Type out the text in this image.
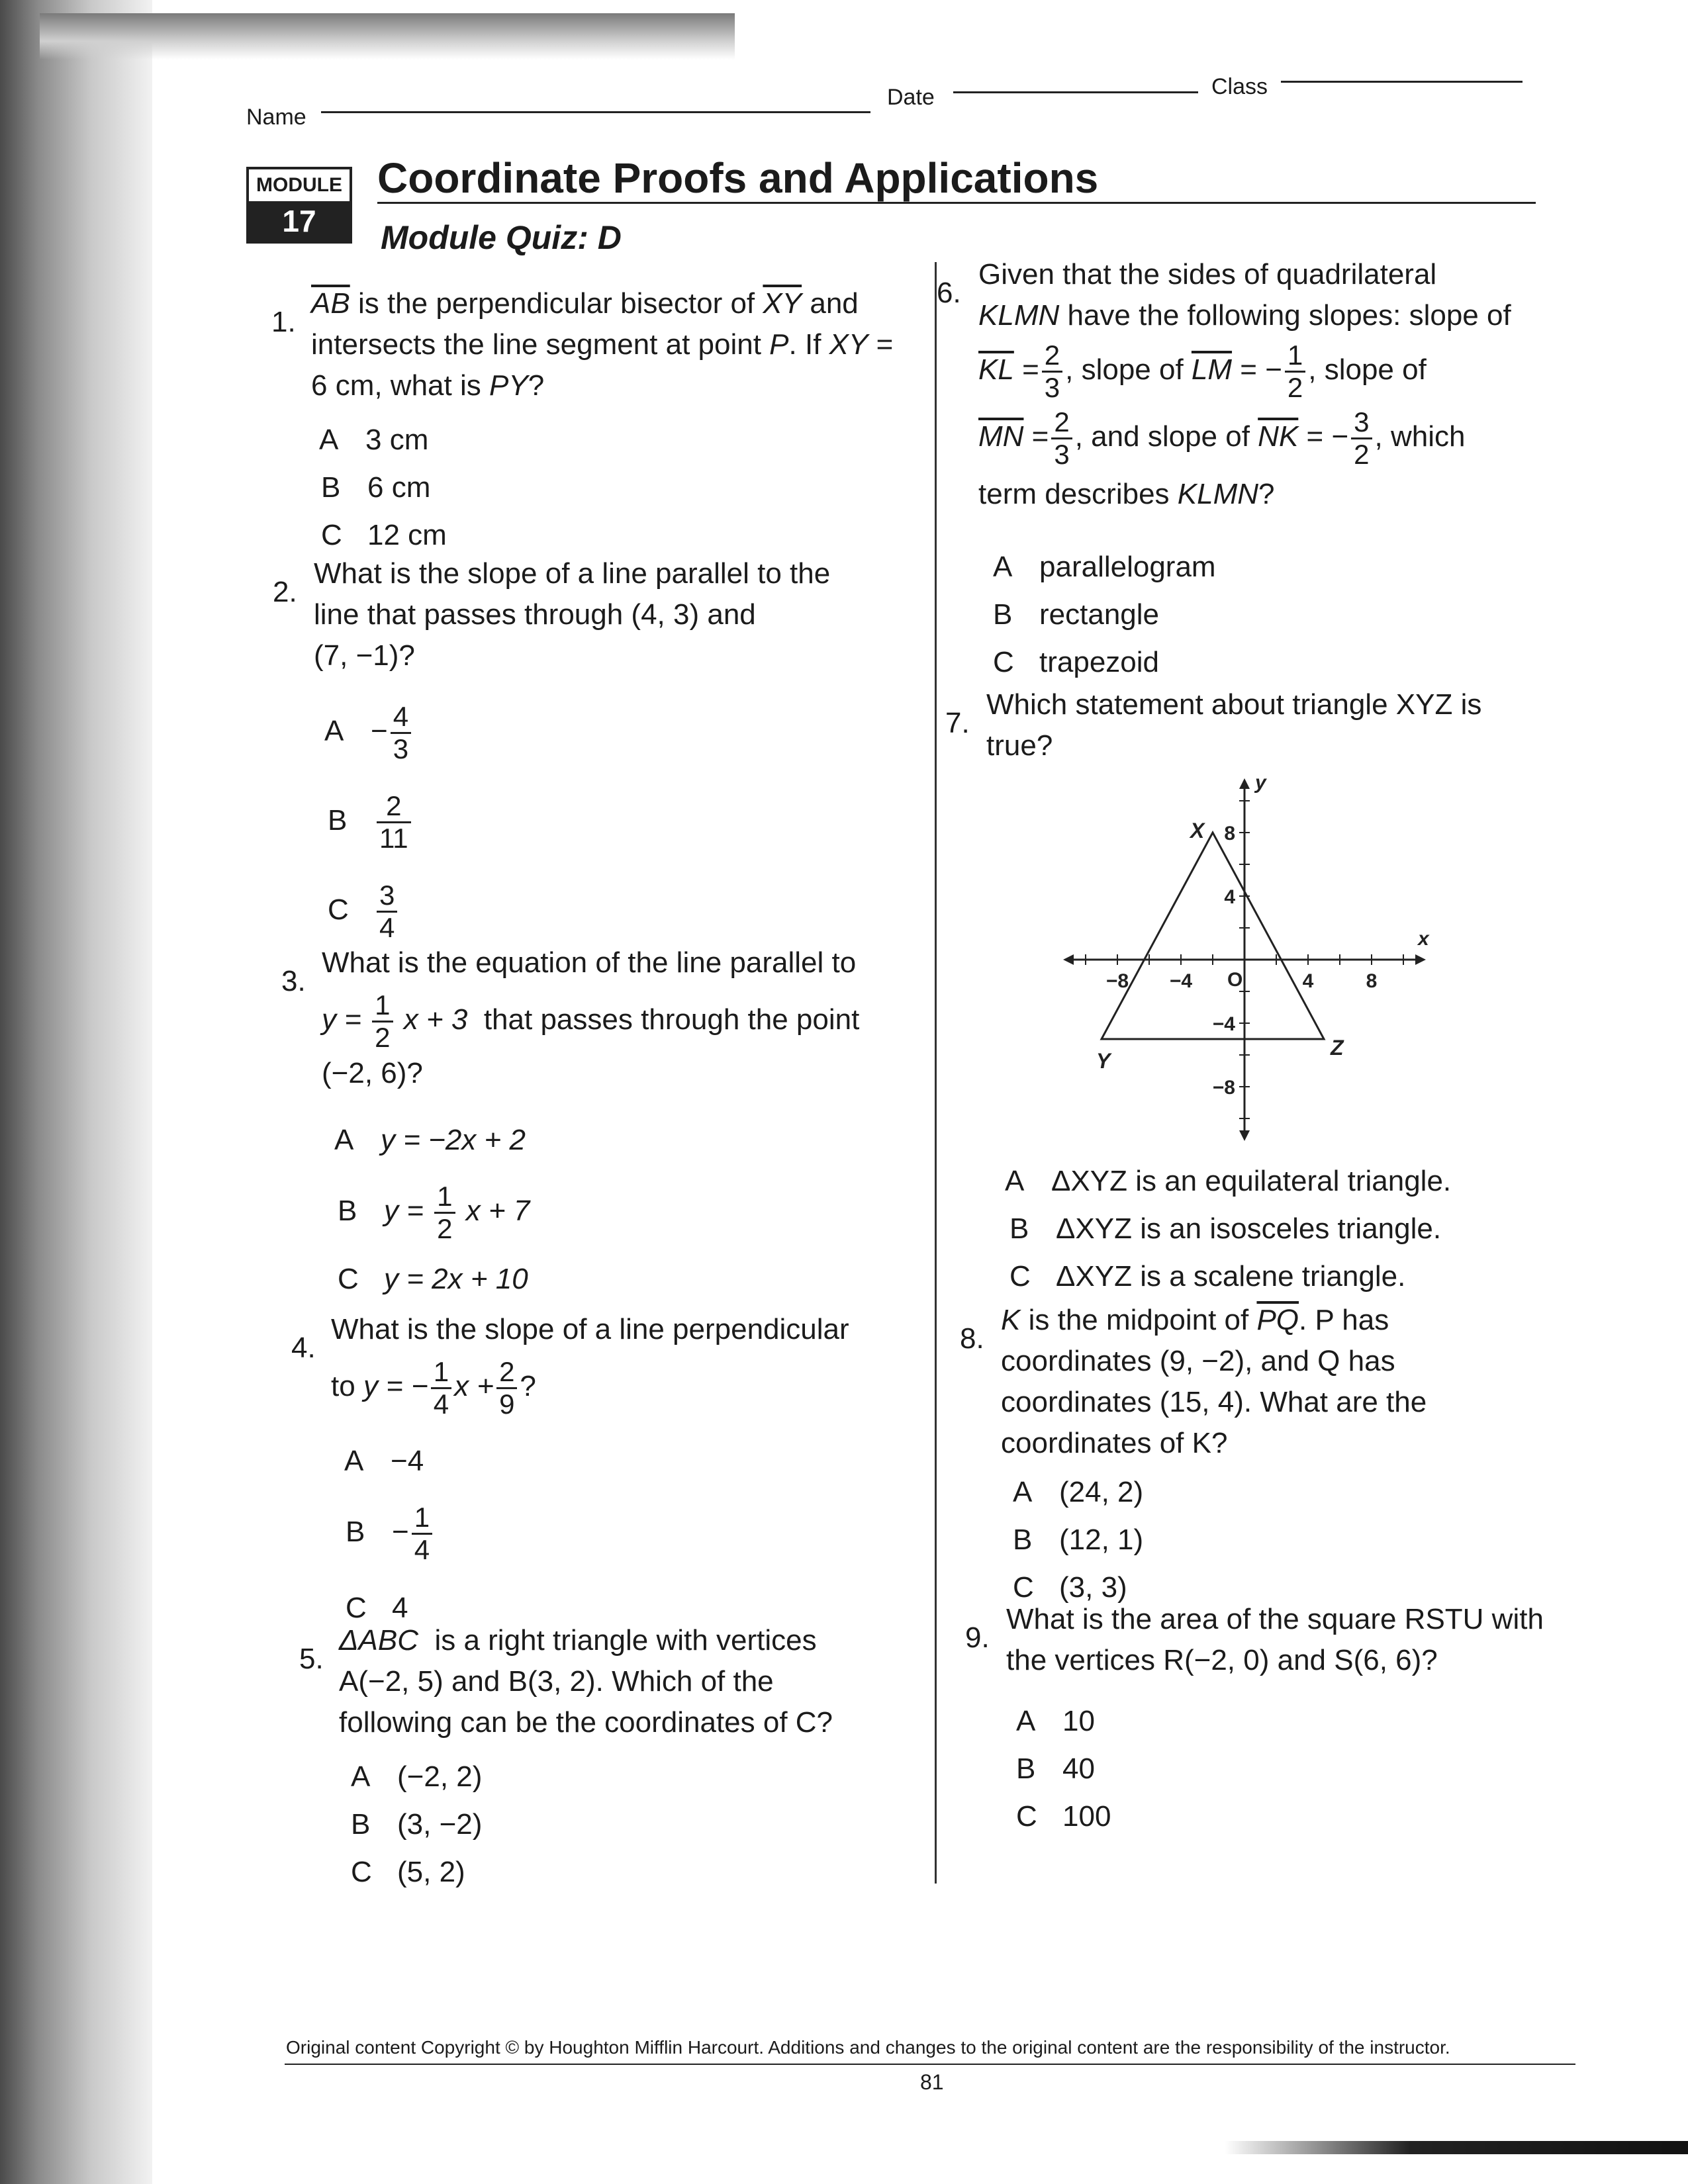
Name
Date	Class
MODULE
17
Coordinate Proofs and Applications
Module Quiz: D
1.
$\overline{AB}$ is the perpendicular bisector of $\overline{XY}$ and intersects the line segment at point P. If XY = 6 cm, what is PY?
A 3 cm
B 6 cm
C 12 cm
2.
What is the slope of a line parallel to the
line that passes through (4, 3) and
(7, −1)?
$A - \frac{4}{3}$
B $\frac{2}{11}$
C $\frac{3}{4}$
3.
What is the equation of the line parallel to
$y = \frac{1}{2}$ x + 3 that passes through the point
(−2, 6)?
A y = −2x + 2
B $y = \frac{1}{2}$ x + 7
C y = 2x + 10
4.
What is the slope of a line perpendicular
to y = − $\frac{1}{4}$ $x + \frac{2}{9}$ ?
A −4
$B - \frac{1}{4}$
C 4
5.
ΔABC is a right triangle with vertices
A(−2, 5) and B(3, 2). Which of the
following can be the coordinates of C?
A (−2, 2)
B (3, −2)
C (5, 2)
6.
Given that the sides of quadrilateral
KLMN have the following slopes: slope of
$\overline{KL} = \frac{2}{3}$ , slope of $\overline{LM}$ = − $\frac{1}{2}$ , slope of
$\overline{MN} = \frac{2}{3}$ , and slope of $\overline{NK}$ = − $\frac{3}{2}$ , which
term describes KLMN?
A parallelogram
B rectangle
C trapezoid
7.
Which statement about triangle XYZ is
true?
−8 −4	4	8
8
4
−4
−8
O
x
y
X
Y
Z
A ΔXYZ is an equilateral triangle.
B ΔXYZ is an isosceles triangle.
C ΔXYZ is a scalene triangle.
8.
K is the midpoint of $\overline{PQ}$. P has
coordinates (9, −2), and Q has
coordinates (15, 4). What are the
coordinates of K?
A (24, 2)
B (12, 1)
C (3, 3)
9.
What is the area of the square RSTU with
the vertices R(−2, 0) and S(6, 6)?
A 10
B 40
C 100
Original content Copyright © by Houghton Mifflin Harcourt. Additions and changes to the original content are the responsibility of the instructor.
81
